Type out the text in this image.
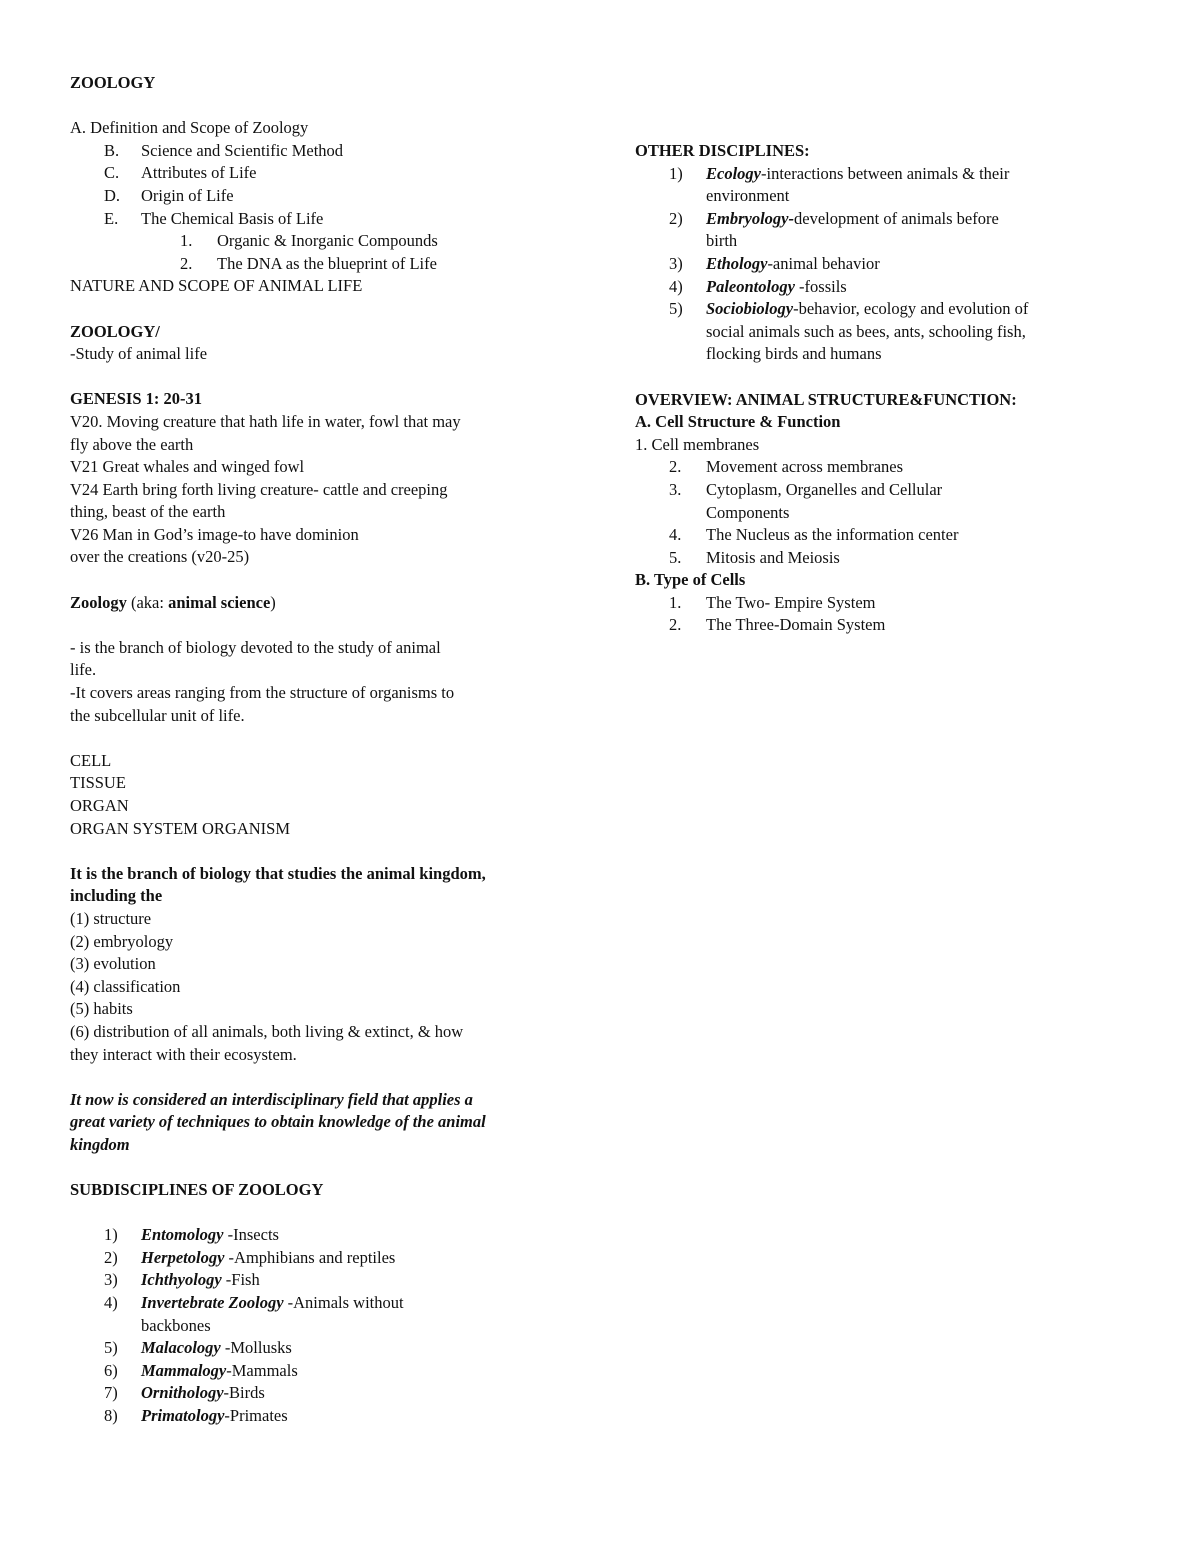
ZOOLOGY
A. Definition and Scope of Zoology
B.	Science and Scientific Method
C.	Attributes of Life
D.	Origin of Life
E.	The Chemical Basis of Life
1.	Organic & Inorganic Compounds
2.	The DNA as the blueprint of Life
NATURE AND SCOPE OF ANIMAL LIFE
ZOOLOGY/
-Study of animal life
GENESIS 1: 20-31
V20. Moving creature that hath life in water, fowl that may
fly above the earth
V21 Great whales and winged fowl
V24 Earth bring forth living creature- cattle and creeping
thing, beast of the earth
V26 Man in God’s image-to have dominion
over the creations (v20-25)
Zoology (aka: animal science)
- is the branch of biology devoted to the study of animal
life.
-It covers areas ranging from the structure of organisms to
the subcellular unit of life.
CELL
TISSUE
ORGAN
ORGAN SYSTEM ORGANISM
It is the branch of biology that studies the animal kingdom,
including the
(1) structure
(2) embryology
(3) evolution
(4) classification
(5) habits
(6) distribution of all animals, both living & extinct, & how
they interact with their ecosystem.
It now is considered an interdisciplinary field that applies a
great variety of techniques to obtain knowledge of the animal
kingdom
SUBDISCIPLINES OF ZOOLOGY
1)	Entomology -Insects
2)	Herpetology -Amphibians and reptiles
3)	Ichthyology -Fish
4)	Invertebrate Zoology -Animals without
backbones
5)	Malacology -Mollusks
6)	Mammalogy-Mammals
7)	Ornithology-Birds
8)	Primatology-Primates
OTHER DISCIPLINES:
1)	Ecology-interactions between animals & their
environment
2)	Embryology-development of animals before
birth
3)	Ethology-animal behavior
4)	Paleontology -fossils
5)	Sociobiology-behavior, ecology and evolution of
social animals such as bees, ants, schooling fish,
flocking birds and humans
OVERVIEW: ANIMAL STRUCTURE&FUNCTION:
A. Cell Structure & Function
1. Cell membranes
2.	Movement across membranes
3.	Cytoplasm, Organelles and Cellular
Components
4.	The Nucleus as the information center
5.	Mitosis and Meiosis
B. Type of Cells
1.	The Two- Empire System
2.	The Three-Domain System
